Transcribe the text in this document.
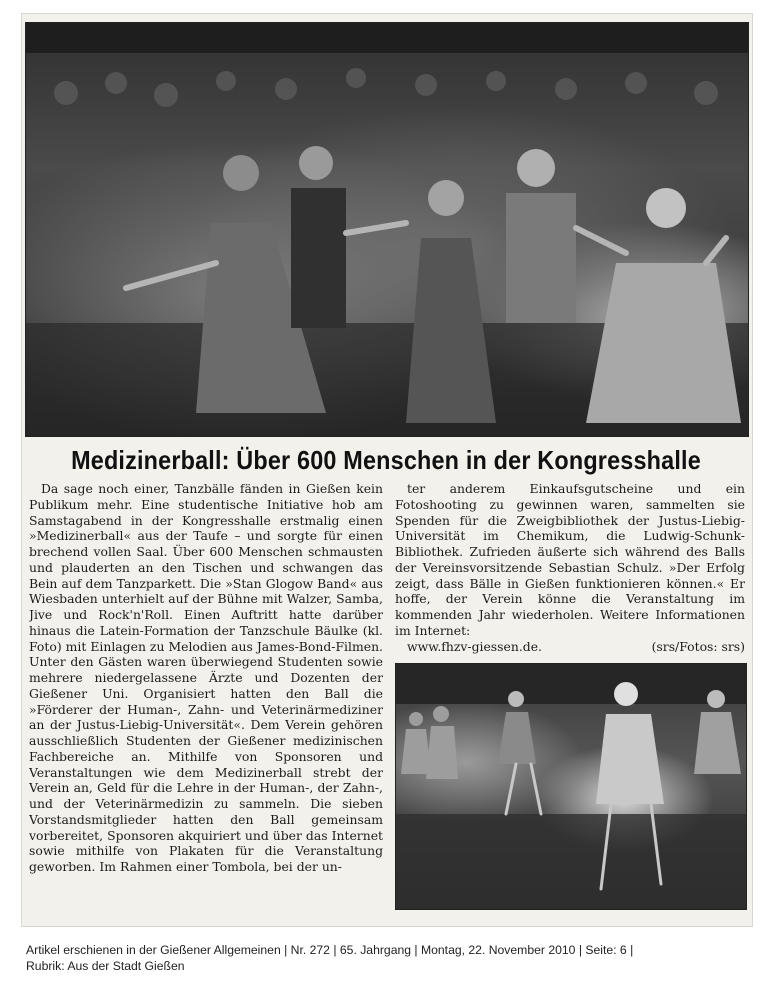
Medizinerball: Über 600 Menschen in der Kongresshalle

Da sage noch einer, Tanzbälle fänden in Gießen kein Publikum mehr. Eine studentische Initiative hob am Samstagabend in der Kongresshalle erstmalig einen »Medizinerball« aus der Taufe – und sorgte für einen brechend vollen Saal. Über 600 Menschen schmausten und plauderten an den Tischen und schwangen das Bein auf dem Tanzparkett. Die »Stan Glogow Band« aus Wiesbaden unterhielt auf der Bühne mit Walzer, Samba, Jive und Rock'n'Roll. Einen Auftritt hatte darüber hinaus die Latein-Formation der Tanzschule Bäulke (kl. Foto) mit Einlagen zu Melodien aus James-Bond-Filmen. Unter den Gästen waren überwiegend Studenten sowie mehrere niedergelassene Ärzte und Dozenten der Gießener Uni. Organisiert hatten den Ball die »Förderer der Human-, Zahn- und Veterinärmediziner an der Justus-Liebig-Universität«. Dem Verein gehören ausschließlich Studenten der Gießener medizinischen Fachbereiche an. Mithilfe von Sponsoren und Veranstaltungen wie dem Medizinerball strebt der Verein an, Geld für die Lehre in der Human-, der Zahn-, und der Veterinärmedizin zu sammeln. Die sieben Vorstandsmitglieder hatten den Ball gemeinsam vorbereitet, Sponsoren akquiriert und über das Internet sowie mithilfe von Plakaten für die Veranstaltung geworben. Im Rahmen einer Tombola, bei der un-

ter anderem Einkaufsgutscheine und ein Fotoshooting zu gewinnen waren, sammelten sie Spenden für die Zweigbibliothek der Justus-Liebig-Universität im Chemikum, die Ludwig-Schunk-Bibliothek. Zufrieden äußerte sich während des Balls der Vereinsvorsitzende Sebastian Schulz. »Der Erfolg zeigt, dass Bälle in Gießen funktionieren können.« Er hoffe, der Verein könne die Veranstaltung im kommenden Jahr wiederholen. Weitere Informationen im Internet:

www.fhzv-giessen.de.	(srs/Fotos: srs)

Artikel erschienen in der Gießener Allgemeinen | Nr. 272 | 65. Jahrgang | Montag, 22. November 2010 | Seite: 6 |
Rubrik: Aus der Stadt Gießen
